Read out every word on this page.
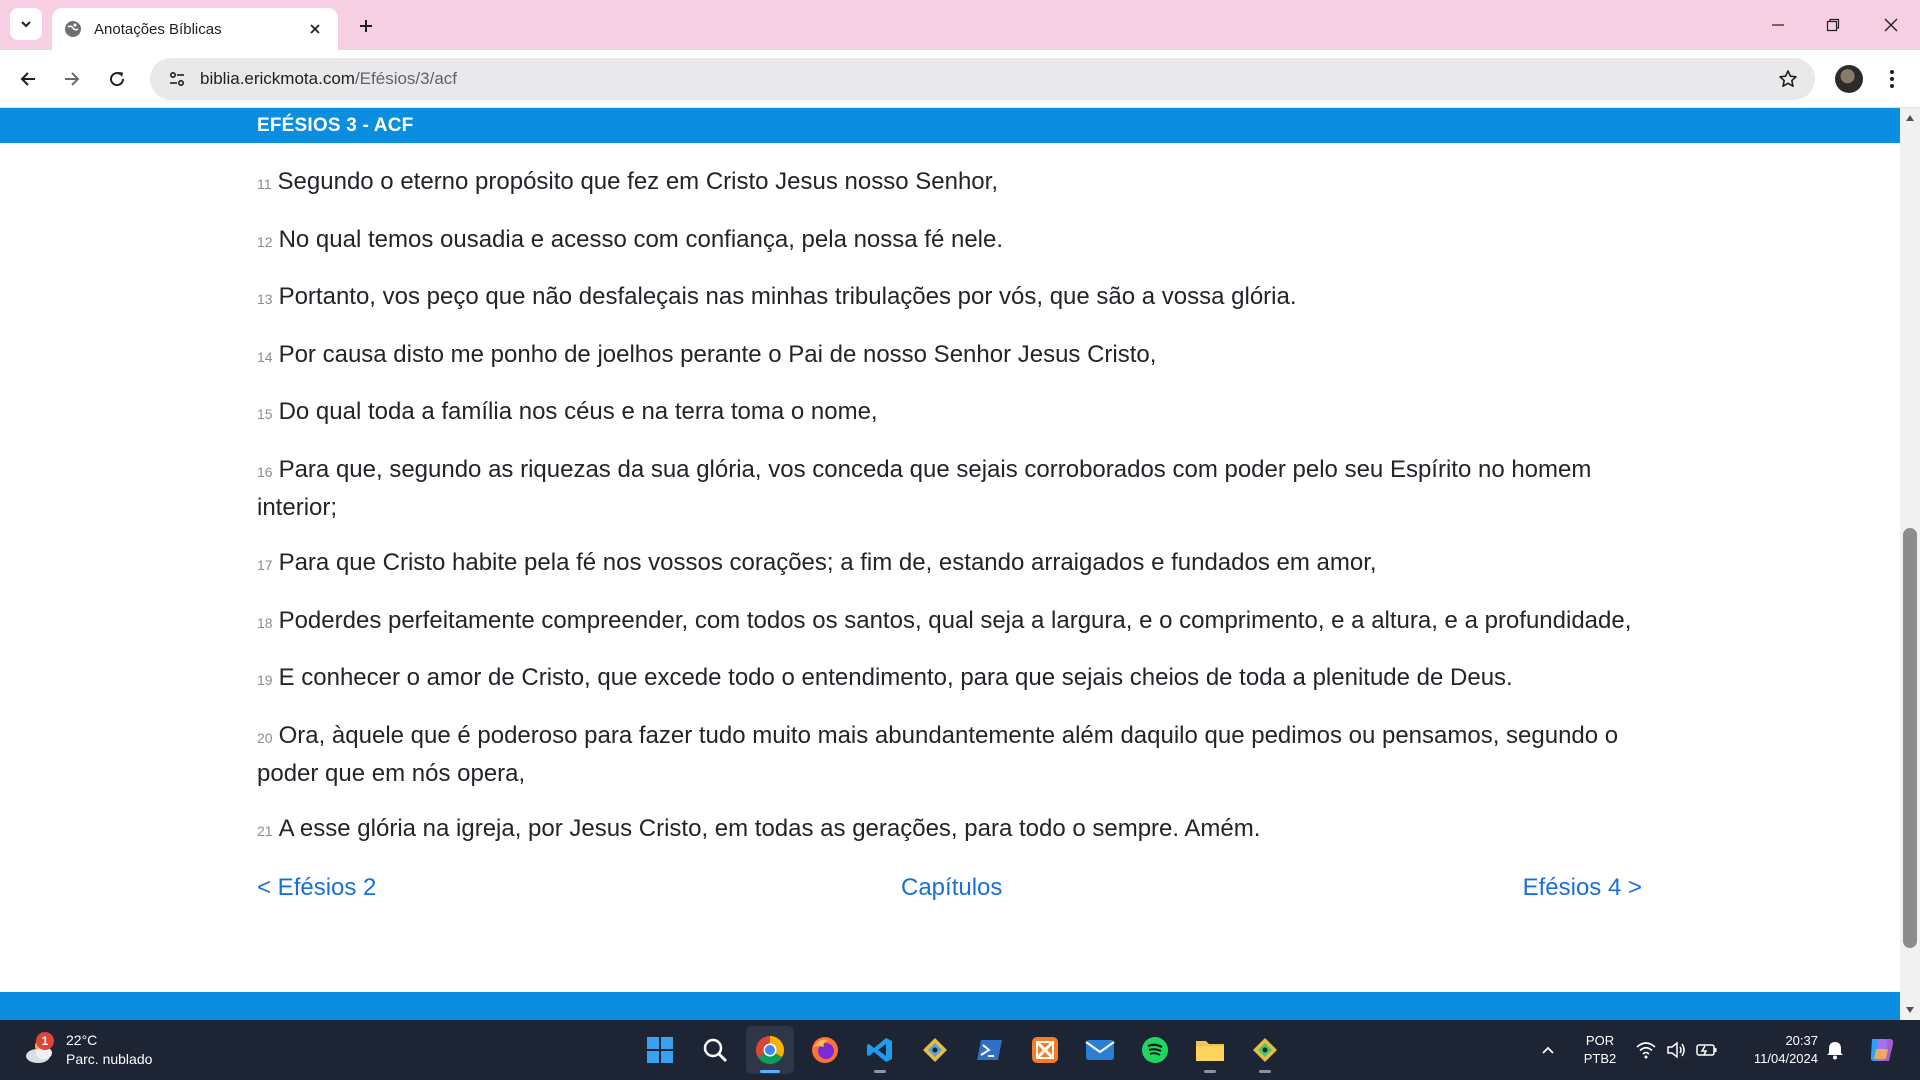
Anotações Bíblicas
biblia.erickmota.com/Efésios/3/acf
EFÉSIOS 3 - ACF

11 Segundo o eterno propósito que fez em Cristo Jesus nosso Senhor,

12 No qual temos ousadia e acesso com confiança, pela nossa fé nele.

13 Portanto, vos peço que não desfaleçais nas minhas tribulações por vós, que são a vossa glória.

14 Por causa disto me ponho de joelhos perante o Pai de nosso Senhor Jesus Cristo,

15 Do qual toda a família nos céus e na terra toma o nome,

16 Para que, segundo as riquezas da sua glória, vos conceda que sejais corroborados com poder pelo seu Espírito no homem interior;

17 Para que Cristo habite pela fé nos vossos corações; a fim de, estando arraigados e fundados em amor,

18 Poderdes perfeitamente compreender, com todos os santos, qual seja a largura, e o comprimento, e a altura, e a profundidade,

19 E conhecer o amor de Cristo, que excede todo o entendimento, para que sejais cheios de toda a plenitude de Deus.

20 Ora, àquele que é poderoso para fazer tudo muito mais abundantemente além daquilo que pedimos ou pensamos, segundo o poder que em nós opera,

21 A esse glória na igreja, por Jesus Cristo, em todas as gerações, para todo o sempre. Amém.

< Efésios 2	Capítulos	Efésios 4 >
1	22°C
Parc. nublado
POR
PTB2
20:37
11/04/2024
